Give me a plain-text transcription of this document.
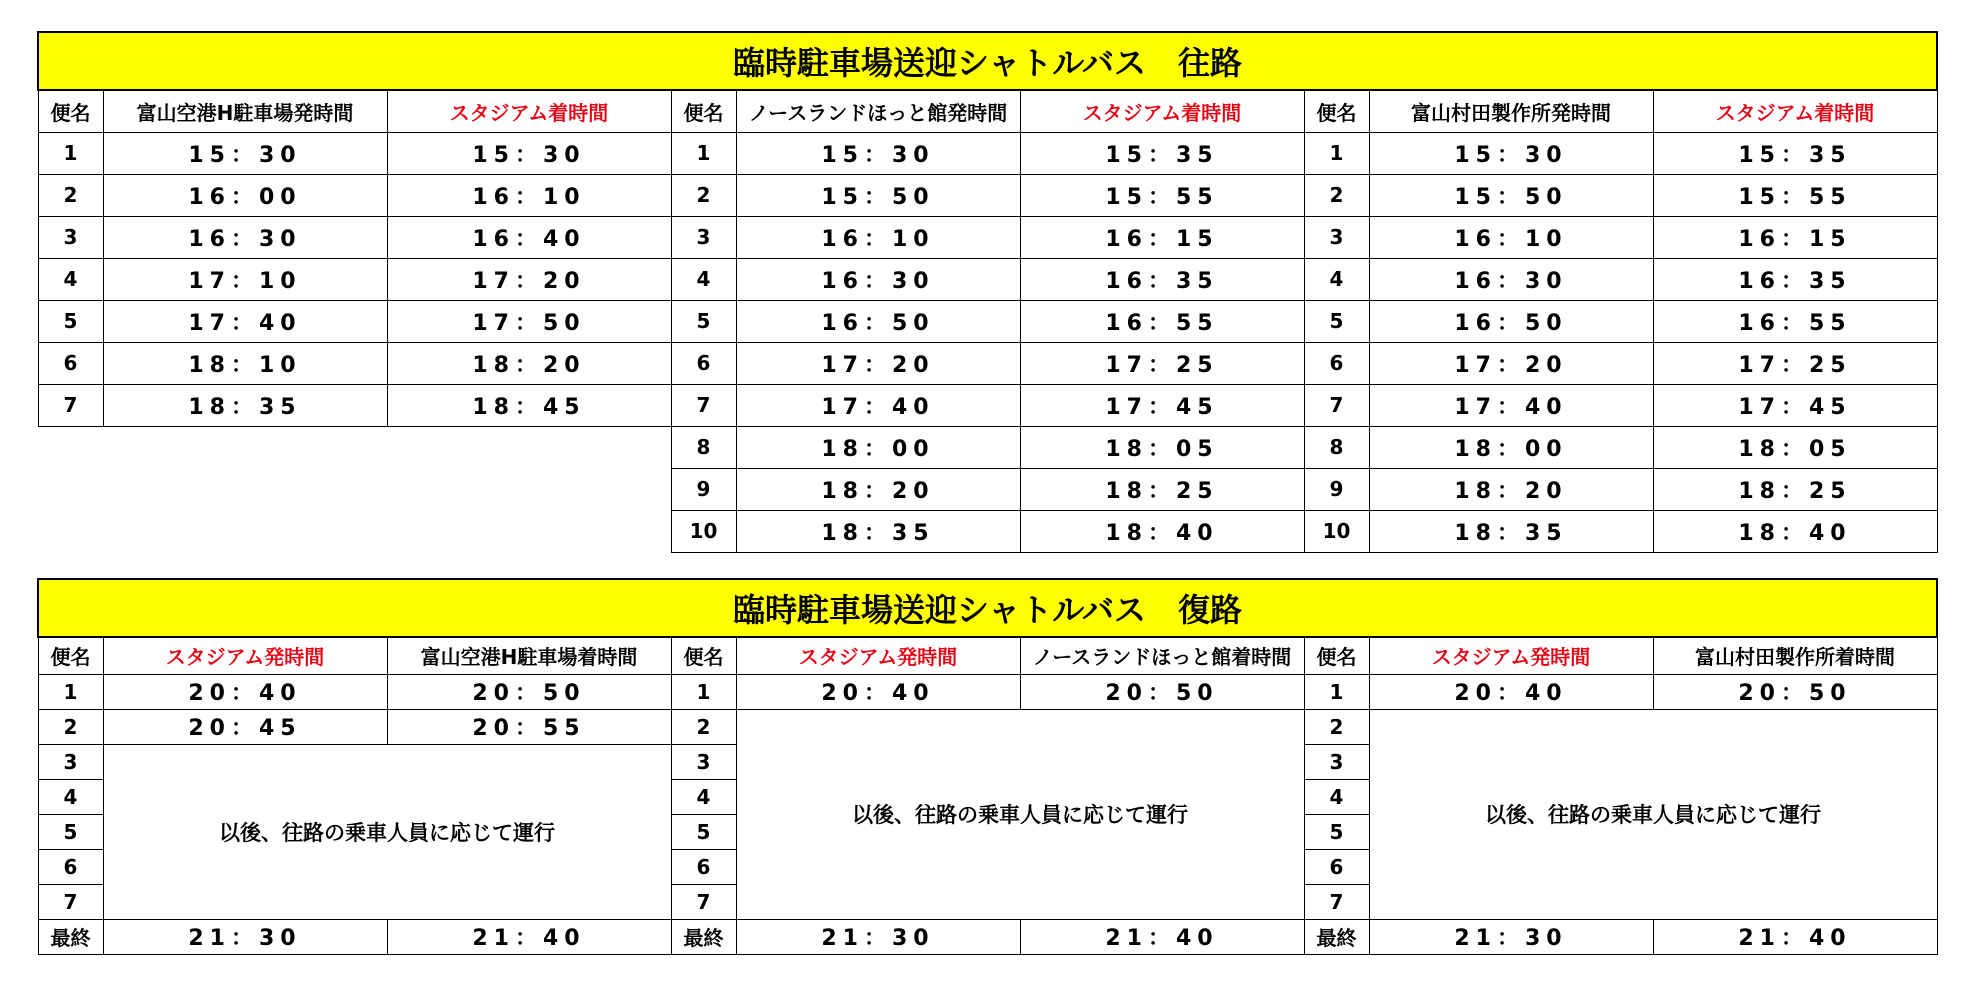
臨時駐車場送迎シャトルバス　往路								
便名	富山空港H駐車場発時間	スタジアム着時間	便名	ノースランドほっと館発時間	スタジアム着時間	便名	富山村田製作所発時間	スタジアム着時間
1	15：30	15：30	1	15：30	15：35	1	15：30	15：35
2	16：00	16：10	2	15：50	15：55	2	15：50	15：55
3	16：30	16：40	3	16：10	16：15	3	16：10	16：15
4	17：10	17：20	4	16：30	16：35	4	16：30	16：35
5	17：40	17：50	5	16：50	16：55	5	16：50	16：55
6	18：10	18：20	6	17：20	17：25	6	17：20	17：25
7	18：35	18：45	7	17：40	17：45	7	17：40	17：45
			8	18：00	18：05	8	18：00	18：05
			9	18：20	18：25	9	18：20	18：25
			10	18：35	18：40	10	18：35	18：40
臨時駐車場送迎シャトルバス　復路								
便名	スタジアム発時間	富山空港H駐車場着時間	便名	スタジアム発時間	ノースランドほっと館着時間	便名	スタジアム発時間	富山村田製作所着時間
1	20：40	20：50	1	20：40	20：50	1	20：40	20：50
2	20：45	20：55	2	以後、往路の乗車人員に応じて運行		2	以後、往路の乗車人員に応じて運行	
3	以後、往路の乗車人員に応じて運行		3			3		
4			4			4		
5			5			5		
6			6			6		
7			7			7		
最終	21：30	21：40	最終	21：30	21：40	最終	21：30	21：40
